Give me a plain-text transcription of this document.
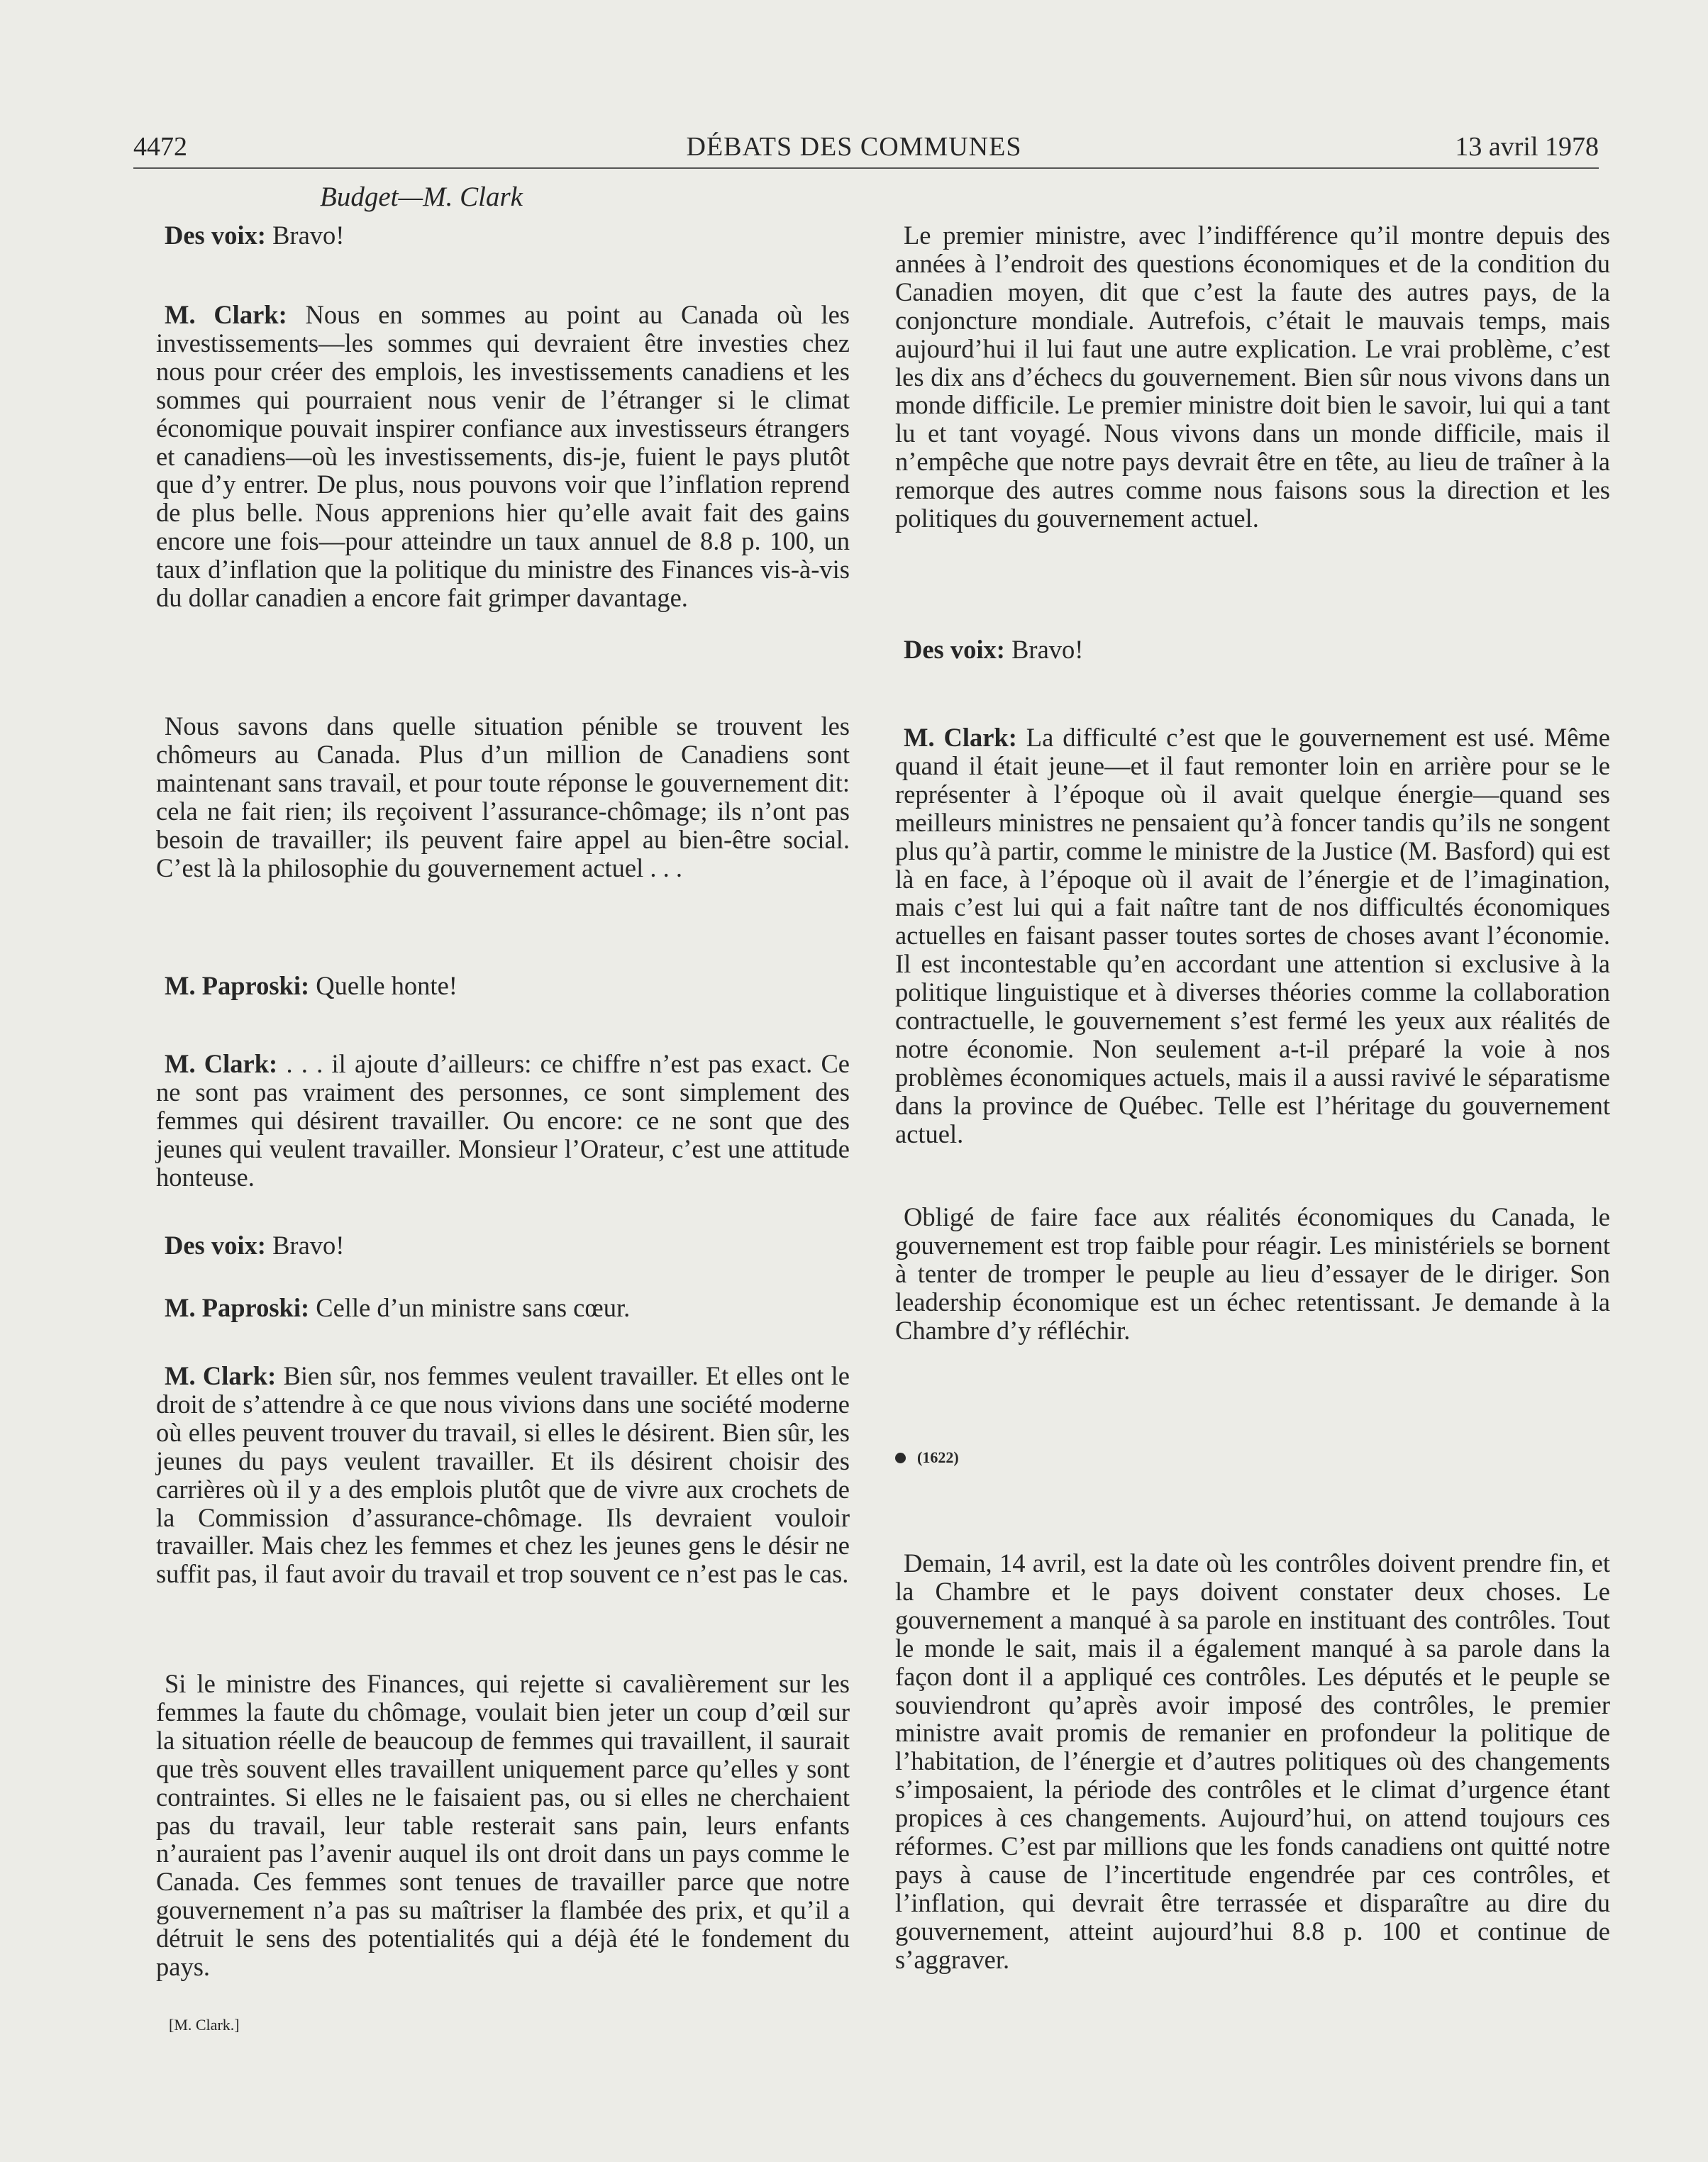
4472	DÉBATS DES COMMUNES	13 avril 1978
Budget—M. Clark

Des voix: Bravo!

M. Clark: Nous en sommes au point au Canada où les investissements—les sommes qui devraient être investies chez nous pour créer des emplois, les investissements canadiens et les sommes qui pourraient nous venir de l’étranger si le climat économique pouvait inspirer confiance aux investisseurs étrangers et canadiens—où les investissements, dis-je, fuient le pays plutôt que d’y entrer. De plus, nous pouvons voir que l’inflation reprend de plus belle. Nous apprenions hier qu’elle avait fait des gains encore une fois—pour atteindre un taux annuel de 8.8 p. 100, un taux d’inflation que la politique du ministre des Finances vis-à-vis du dollar canadien a encore fait grimper davantage.

Nous savons dans quelle situation pénible se trouvent les chômeurs au Canada. Plus d’un million de Canadiens sont maintenant sans travail, et pour toute réponse le gouvernement dit: cela ne fait rien; ils reçoivent l’assurance-chômage; ils n’ont pas besoin de travailler; ils peuvent faire appel au bien-être social. C’est là la philosophie du gouvernement actuel . . .

M. Paproski: Quelle honte!

M. Clark: . . . il ajoute d’ailleurs: ce chiffre n’est pas exact. Ce ne sont pas vraiment des personnes, ce sont simplement des femmes qui désirent travailler. Ou encore: ce ne sont que des jeunes qui veulent travailler. Monsieur l’Orateur, c’est une attitude honteuse.

Des voix: Bravo!

M. Paproski: Celle d’un ministre sans cœur.

M. Clark: Bien sûr, nos femmes veulent travailler. Et elles ont le droit de s’attendre à ce que nous vivions dans une société moderne où elles peuvent trouver du travail, si elles le désirent. Bien sûr, les jeunes du pays veulent travailler. Et ils désirent choisir des carrières où il y a des emplois plutôt que de vivre aux crochets de la Commission d’assurance-chômage. Ils devraient vouloir travailler. Mais chez les femmes et chez les jeunes gens le désir ne suffit pas, il faut avoir du travail et trop souvent ce n’est pas le cas.

Si le ministre des Finances, qui rejette si cavalièrement sur les femmes la faute du chômage, voulait bien jeter un coup d’œil sur la situation réelle de beaucoup de femmes qui travaillent, il saurait que très souvent elles travaillent uniquement parce qu’elles y sont contraintes. Si elles ne le faisaient pas, ou si elles ne cherchaient pas du travail, leur table resterait sans pain, leurs enfants n’auraient pas l’avenir auquel ils ont droit dans un pays comme le Canada. Ces femmes sont tenues de travailler parce que notre gouvernement n’a pas su maîtriser la flambée des prix, et qu’il a détruit le sens des potentialités qui a déjà été le fondement du pays.

[M. Clark.]

Le premier ministre, avec l’indifférence qu’il montre depuis des années à l’endroit des questions économiques et de la condition du Canadien moyen, dit que c’est la faute des autres pays, de la conjoncture mondiale. Autrefois, c’était le mauvais temps, mais aujourd’hui il lui faut une autre explication. Le vrai problème, c’est les dix ans d’échecs du gouvernement. Bien sûr nous vivons dans un monde difficile. Le premier ministre doit bien le savoir, lui qui a tant lu et tant voyagé. Nous vivons dans un monde difficile, mais il n’empêche que notre pays devrait être en tête, au lieu de traîner à la remorque des autres comme nous faisons sous la direction et les politiques du gouvernement actuel.

Des voix: Bravo!

M. Clark: La difficulté c’est que le gouvernement est usé. Même quand il était jeune—et il faut remonter loin en arrière pour se le représenter à l’époque où il avait quelque énergie—quand ses meilleurs ministres ne pensaient qu’à foncer tandis qu’ils ne songent plus qu’à partir, comme le ministre de la Justice (M. Basford) qui est là en face, à l’époque où il avait de l’énergie et de l’imagination, mais c’est lui qui a fait naître tant de nos difficultés économiques actuelles en faisant passer toutes sortes de choses avant l’économie. Il est incontestable qu’en accordant une attention si exclusive à la politique linguistique et à diverses théories comme la collaboration contractuelle, le gouvernement s’est fermé les yeux aux réalités de notre économie. Non seulement a-t-il préparé la voie à nos problèmes économiques actuels, mais il a aussi ravivé le séparatisme dans la province de Québec. Telle est l’héritage du gouvernement actuel.

Obligé de faire face aux réalités économiques du Canada, le gouvernement est trop faible pour réagir. Les ministériels se bornent à tenter de tromper le peuple au lieu d’essayer de le diriger. Son leadership économique est un échec retentissant. Je demande à la Chambre d’y réfléchir.

Demain, 14 avril, est la date où les contrôles doivent prendre fin, et la Chambre et le pays doivent constater deux choses. Le gouvernement a manqué à sa parole en instituant des contrôles. Tout le monde le sait, mais il a également manqué à sa parole dans la façon dont il a appliqué ces contrôles. Les députés et le peuple se souviendront qu’après avoir imposé des contrôles, le premier ministre avait promis de remanier en profondeur la politique de l’habitation, de l’énergie et d’autres politiques où des changements s’imposaient, la période des contrôles et le climat d’urgence étant propices à ces changements. Aujourd’hui, on attend toujours ces réformes. C’est par millions que les fonds canadiens ont quitté notre pays à cause de l’incertitude engendrée par ces contrôles, et l’inflation, qui devrait être terrassée et disparaître au dire du gouvernement, atteint aujourd’hui 8.8 p. 100 et continue de s’aggraver.

(1622)
